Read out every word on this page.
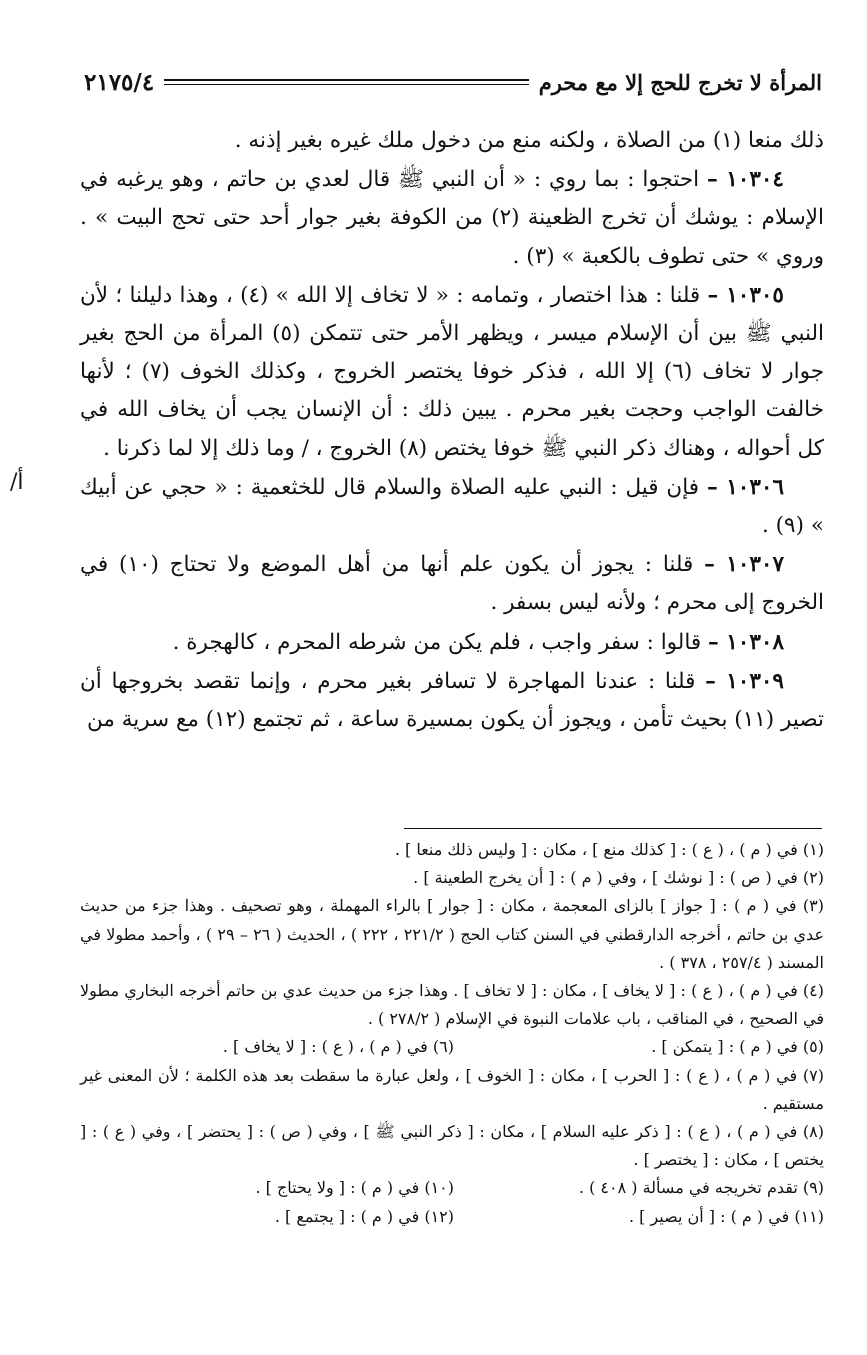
المرأة لا تخرج للحج إلا مع محرم
٢١٧٥/٤
/أ

ذلك منعا (١) من الصلاة ، ولكنه منع من دخول ملك غيره بغير إذنه .

١٠٣٠٤ – احتجوا : بما روي : « أن النبي ﷺ قال لعدي بن حاتم ، وهو يرغبه في الإسلام : يوشك أن تخرج الظعينة (٢) من الكوفة بغير جوار أحد حتى تحج البيت » . وروي » حتى تطوف بالكعبة » (٣) .

١٠٣٠٥ – قلنا : هذا اختصار ، وتمامه : « لا تخاف إلا الله » (٤) ، وهذا دليلنا ؛ لأن النبي ﷺ بين أن الإسلام ميسر ، ويظهر الأمر حتى تتمكن (٥) المرأة من الحج بغير جوار لا تخاف (٦) إلا الله ، فذكر خوفا يختصر الخروج ، وكذلك الخوف (٧) ؛ لأنها خالفت الواجب وحجت بغير محرم . يبين ذلك : أن الإنسان يجب أن يخاف الله في كل أحواله ، وهناك ذكر النبي ﷺ خوفا يختص (٨) الخروج ، / وما ذلك إلا لما ذكرنا .

١٠٣٠٦ – فإن قيل : النبي عليه الصلاة والسلام قال للخثعمية : « حجي عن أبيك » (٩) .

١٠٣٠٧ – قلنا : يجوز أن يكون علم أنها من أهل الموضع ولا تحتاج (١٠) في الخروج إلى محرم ؛ ولأنه ليس بسفر .

١٠٣٠٨ – قالوا : سفر واجب ، فلم يكن من شرطه المحرم ، كالهجرة .

١٠٣٠٩ – قلنا : عندنا المهاجرة لا تسافر بغير محرم ، وإنما تقصد بخروجها أن تصير (١١) بحيث تأمن ، ويجوز أن يكون بمسيرة ساعة ، ثم تجتمع (١٢) مع سرية من

(١) في ( م ) ، ( ع ) : [ كذلك منع ] ، مكان : [ وليس ذلك منعا ] .

(٢) في ( ص ) : [ نوشك ] ، وفي ( م ) : [ أن يخرج الطعينة ] .

(٣) في ( م ) : [ جواز ] بالزاى المعجمة ، مكان : [ جوار ] بالراء المهملة ، وهو تصحيف . وهذا جزء من حديث عدي بن حاتم ، أخرجه الدارقطني في السنن كتاب الحج ( ٢٢١/٢ ، ٢٢٢ ) ، الحديث ( ٢٦ – ٢٩ ) ، وأحمد مطولا في المسند ( ٢٥٧/٤ ، ٣٧٨ ) .

(٤) في ( م ) ، ( ع ) : [ لا يخاف ] ، مكان : [ لا تخاف ] . وهذا جزء من حديث عدي بن حاتم أخرجه البخاري مطولا في الصحيح ، في المناقب ، باب علامات النبوة في الإسلام ( ٢٧٨/٢ ) .

(٥) في ( م ) : [ يتمكن ] .
(٦) في ( م ) ، ( ع ) : [ لا يخاف ] .

(٧) في ( م ) ، ( ع ) : [ الحرب ] ، مكان : [ الخوف ] ، ولعل عبارة ما سقطت بعد هذه الكلمة ؛ لأن المعنى غير مستقيم .

(٨) في ( م ) ، ( ع ) : [ ذكر عليه السلام ] ، مكان : [ ذكر النبي ﷺ ] ، وفي ( ص ) : [ يحتضر ] ، وفي ( ع ) : [ يختص ] ، مكان : [ يختصر ] .

(٩) تقدم تخريجه في مسألة ( ٤٠٨ ) .
(١٠) في ( م ) : [ ولا يحتاج ] .
(١١) في ( م ) : [ أن يصير ] .
(١٢) في ( م ) : [ يجتمع ] .
